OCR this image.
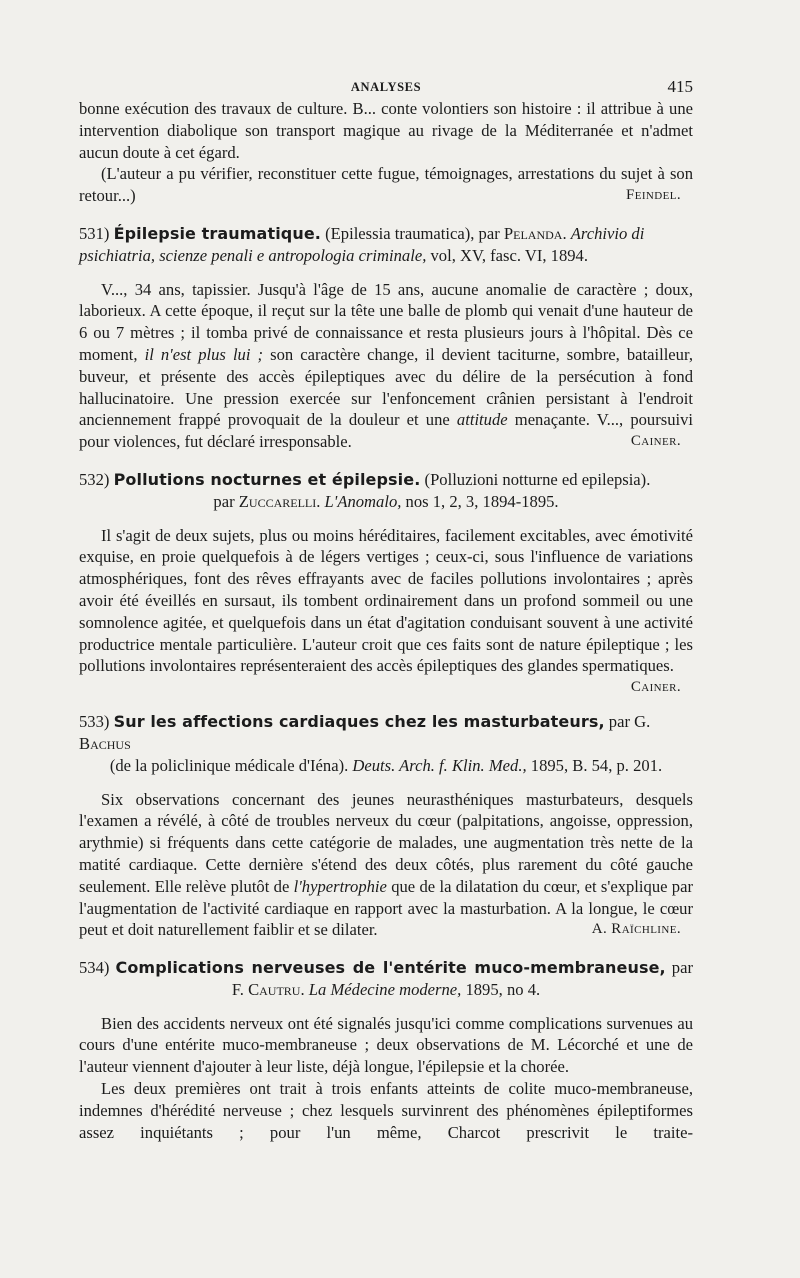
ANALYSES	415

bonne exécution des travaux de culture. B... conte volontiers son histoire : il attribue à une intervention diabolique son transport magique au rivage de la Méditerranée et n'admet aucun doute à cet égard.

(L'auteur a pu vérifier, reconstituer cette fugue, témoignages, arrestations du sujet à son retour...)	Feindel.

531) Épilepsie traumatique. (Epilessia traumatica), par Pelanda. Archivio di psichiatria, scienze penali e antropologia criminale, vol, XV, fasc. VI, 1894.

V..., 34 ans, tapissier. Jusqu'à l'âge de 15 ans, aucune anomalie de caractère ; doux, laborieux. A cette époque, il reçut sur la tête une balle de plomb qui venait d'une hauteur de 6 ou 7 mètres ; il tomba privé de connaissance et resta plusieurs jours à l'hôpital. Dès ce moment, il n'est plus lui ; son caractère change, il devient taciturne, sombre, batailleur, buveur, et présente des accès épileptiques avec du délire de la persécution à fond hallucinatoire. Une pression exercée sur l'enfoncement crânien persistant à l'endroit anciennement frappé provoquait de la douleur et une attitude menaçante. V..., poursuivi pour violences, fut déclaré irresponsable.	Cainer.

532) Pollutions nocturnes et épilepsie. (Polluzioni notturne ed epilepsia).

par Zuccarelli. L'Anomalo, nos 1, 2, 3, 1894-1895.

Il s'agit de deux sujets, plus ou moins héréditaires, facilement excitables, avec émotivité exquise, en proie quelquefois à de légers vertiges ; ceux-ci, sous l'influence de variations atmosphériques, font des rêves effrayants avec de faciles pollutions involontaires ; après avoir été éveillés en sursaut, ils tombent ordinairement dans un profond sommeil ou une somnolence agitée, et quelquefois dans un état d'agitation conduisant souvent à une activité productrice mentale particulière. L'auteur croit que ces faits sont de nature épileptique ; les pollutions involontaires représenteraient des accès épileptiques des glandes spermatiques.

Cainer.

533) Sur les affections cardiaques chez les masturbateurs, par G. Bachus

(de la policlinique médicale d'Iéna). Deuts. Arch. f. Klin. Med., 1895, B. 54, p. 201.

Six observations concernant des jeunes neurasthéniques masturbateurs, desquels l'examen a révélé, à côté de troubles nerveux du cœur (palpitations, angoisse, oppression, arythmie) si fréquents dans cette catégorie de malades, une augmentation très nette de la matité cardiaque. Cette dernière s'étend des deux côtés, plus rarement du côté gauche seulement. Elle relève plutôt de l'hypertrophie que de la dilatation du cœur, et s'explique par l'augmentation de l'activité cardiaque en rapport avec la masturbation. A la longue, le cœur peut et doit naturellement faiblir et se dilater.	A. Raïchline.

534) Complications nerveuses de l'entérite muco-membraneuse, par

F. Cautru. La Médecine moderne, 1895, no 4.

Bien des accidents nerveux ont été signalés jusqu'ici comme complications survenues au cours d'une entérite muco-membraneuse ; deux observations de M. Lécorché et une de l'auteur viennent d'ajouter à leur liste, déjà longue, l'épilepsie et la chorée.

Les deux premières ont trait à trois enfants atteints de colite muco-membraneuse, indemnes d'hérédité nerveuse ; chez lesquels survinrent des phénomènes épileptiformes assez inquiétants ; pour l'un même, Charcot prescrivit le traite-
